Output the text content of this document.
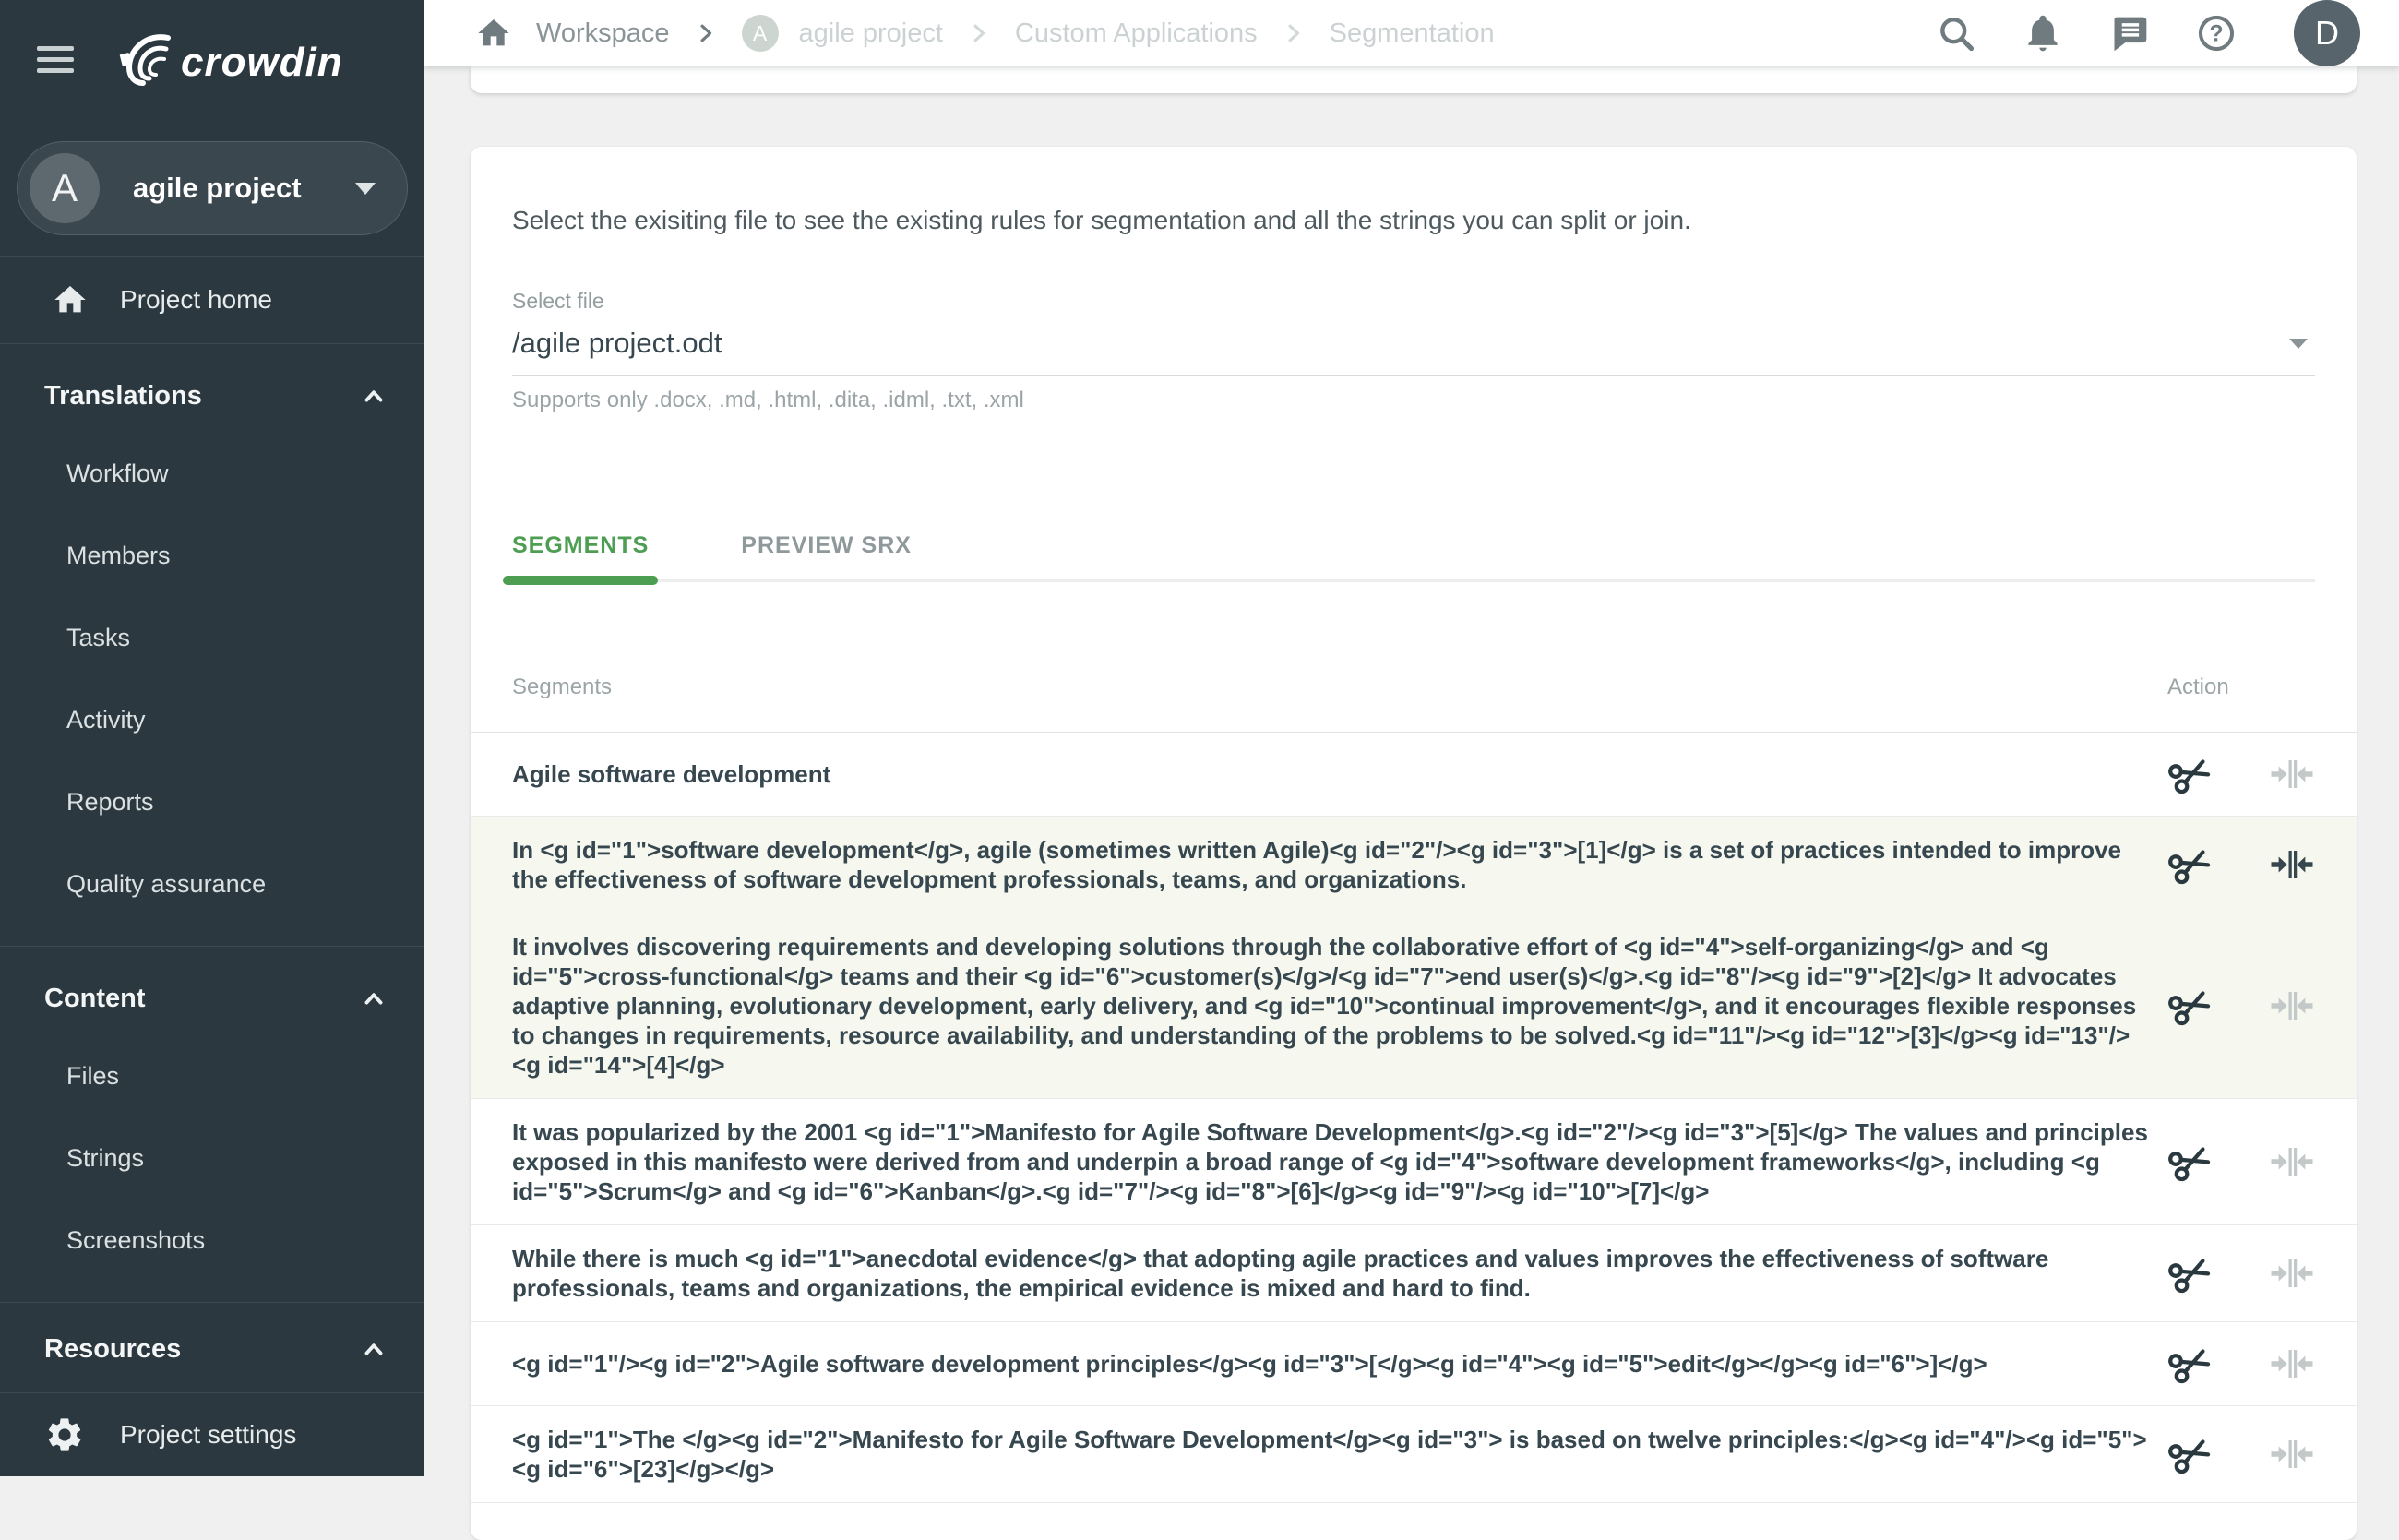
crowdin
A	agile project
Project home
Translations
Workflow
Members
Tasks
Activity
Reports
Quality assurance
Content
Files
Strings
Screenshots
Resources
Project settings
Workspace	A	agile project	Custom Applications	Segmentation	?	D

Select the exisiting file to see the existing rules for segmentation and all the strings you can split or join.

Select file
/agile project.odt
Supports only .docx, .md, .html, .dita, .idml, .txt, .xml
SEGMENTS	PREVIEW SRX
Segments	Action
Agile software development
In <g id="1">software development</g>, agile (sometimes written Agile)<g id="2"/><g id="3">[1]</g> is a set of practices intended to improve the effectiveness of software development professionals, teams, and organizations.
It involves discovering requirements and developing solutions through the collaborative effort of <g id="4">self-organizing</g> and <g id="5">cross-functional</g> teams and their <g id="6">customer(s)</g>/<g id="7">end user(s)</g>.<g id="8"/><g id="9">[2]</g> It advocates adaptive planning, evolutionary development, early delivery, and <g id="10">continual improvement</g>, and it encourages flexible responses to changes in requirements, resource availability, and understanding of the problems to be solved.<g id="11"/><g id="12">[3]</g><g id="13"/><g id="14">[4]</g>
It was popularized by the 2001 <g id="1">Manifesto for Agile Software Development</g>.<g id="2"/><g id="3">[5]</g> The values and principles exposed in this manifesto were derived from and underpin a broad range of <g id="4">software development frameworks</g>, including <g id="5">Scrum</g> and <g id="6">Kanban</g>.<g id="7"/><g id="8">[6]</g><g id="9"/><g id="10">[7]</g>
While there is much <g id="1">anecdotal evidence</g> that adopting agile practices and values improves the effectiveness of software professionals, teams and organizations, the empirical evidence is mixed and hard to find.
<g id="1"/><g id="2">Agile software development principles</g><g id="3">[</g><g id="4"><g id="5">edit</g></g><g id="6">]</g>
<g id="1">The </g><g id="2">Manifesto for Agile Software Development</g><g id="3"> is based on twelve principles:</g><g id="4"/><g id="5"><g id="6">[23]</g></g>
